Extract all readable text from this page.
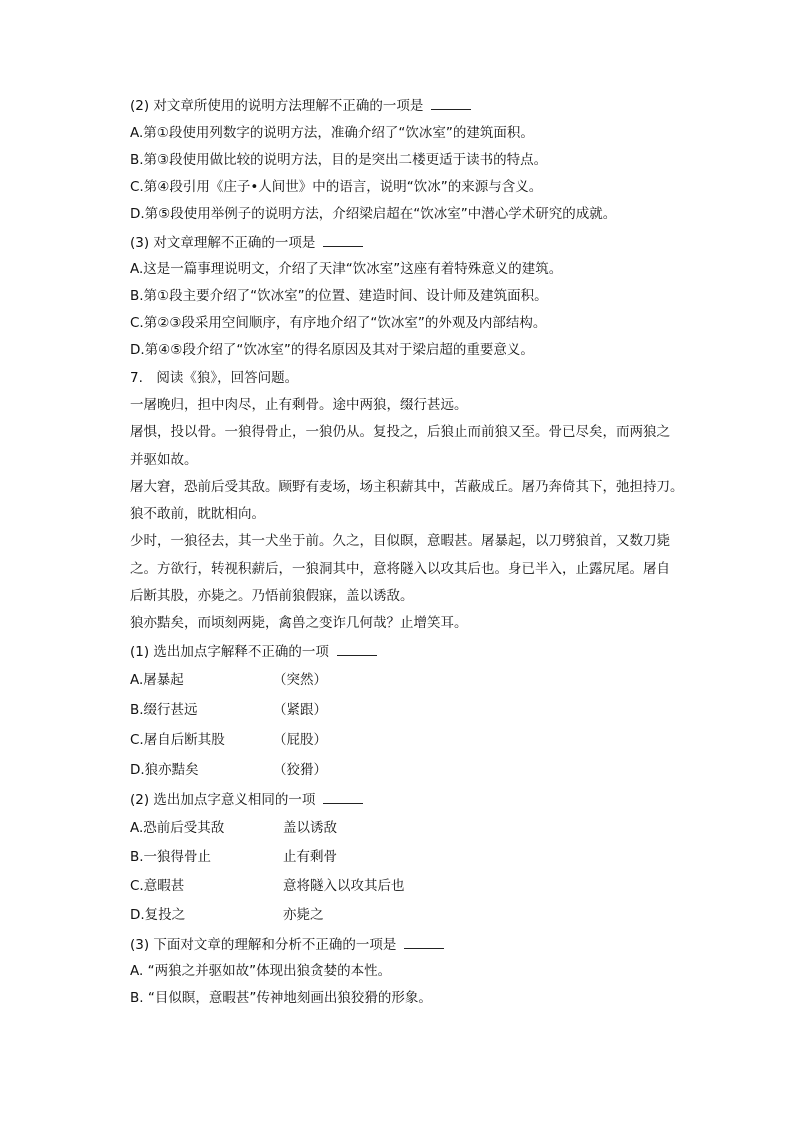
(2) 对文章所使用的说明方法理解不正确的一项是
A.第①段使用列数字的说明方法，准确介绍了“饮冰室”的建筑面积。
B.第③段使用做比较的说明方法，目的是突出二楼更适于读书的特点。
C.第④段引用《庄子•人间世》中的语言，说明“饮冰”的来源与含义。
D.第⑤段使用举例子的说明方法，介绍梁启超在“饮冰室”中潜心学术研究的成就。
(3) 对文章理解不正确的一项是
A.这是一篇事理说明文，介绍了天津“饮冰室”这座有着特殊意义的建筑。
B.第①段主要介绍了“饮冰室”的位置、建造时间、设计师及建筑面积。
C.第②③段采用空间顺序，有序地介绍了“饮冰室”的外观及内部结构。
D.第④⑤段介绍了“饮冰室”的得名原因及其对于梁启超的重要意义。
7.　阅读《狼》，回答问题。
一屠晚归，担中肉尽，止有剩骨。途中两狼，缀行甚远。
屠惧，投以骨。一狼得骨止，一狼仍从。复投之，后狼止而前狼又至。骨已尽矣，而两狼之
并驱如故。
屠大窘，恐前后受其敌。顾野有麦场，场主积薪其中，苫蔽成丘。屠乃奔倚其下，弛担持刀。
狼不敢前，眈眈相向。
少时，一狼径去，其一犬坐于前。久之，目似瞑，意暇甚。屠暴起，以刀劈狼首，又数刀毙
之。方欲行，转视积薪后，一狼洞其中，意将隧入以攻其后也。身已半入，止露尻尾。屠自
后断其股，亦毙之。乃悟前狼假寐，盖以诱敌。
狼亦黠矣，而顷刻两毙，禽兽之变诈几何哉？止增笑耳。
(1) 选出加点字解释不正确的一项
A.屠暴起	（突然）
B.缀行甚远	（紧跟）
C.屠自后断其股	（屁股）
D.狼亦黠矣	（狡猾）
(2) 选出加点字意义相同的一项
A.恐前后受其敌	盖以诱敌
B.一狼得骨止	止有剩骨
C.意暇甚	意将隧入以攻其后也
D.复投之	亦毙之
(3) 下面对文章的理解和分析不正确的一项是
A. “两狼之并驱如故”体现出狼贪婪的本性。
B. “目似瞑，意暇甚”传神地刻画出狼狡猾的形象。
